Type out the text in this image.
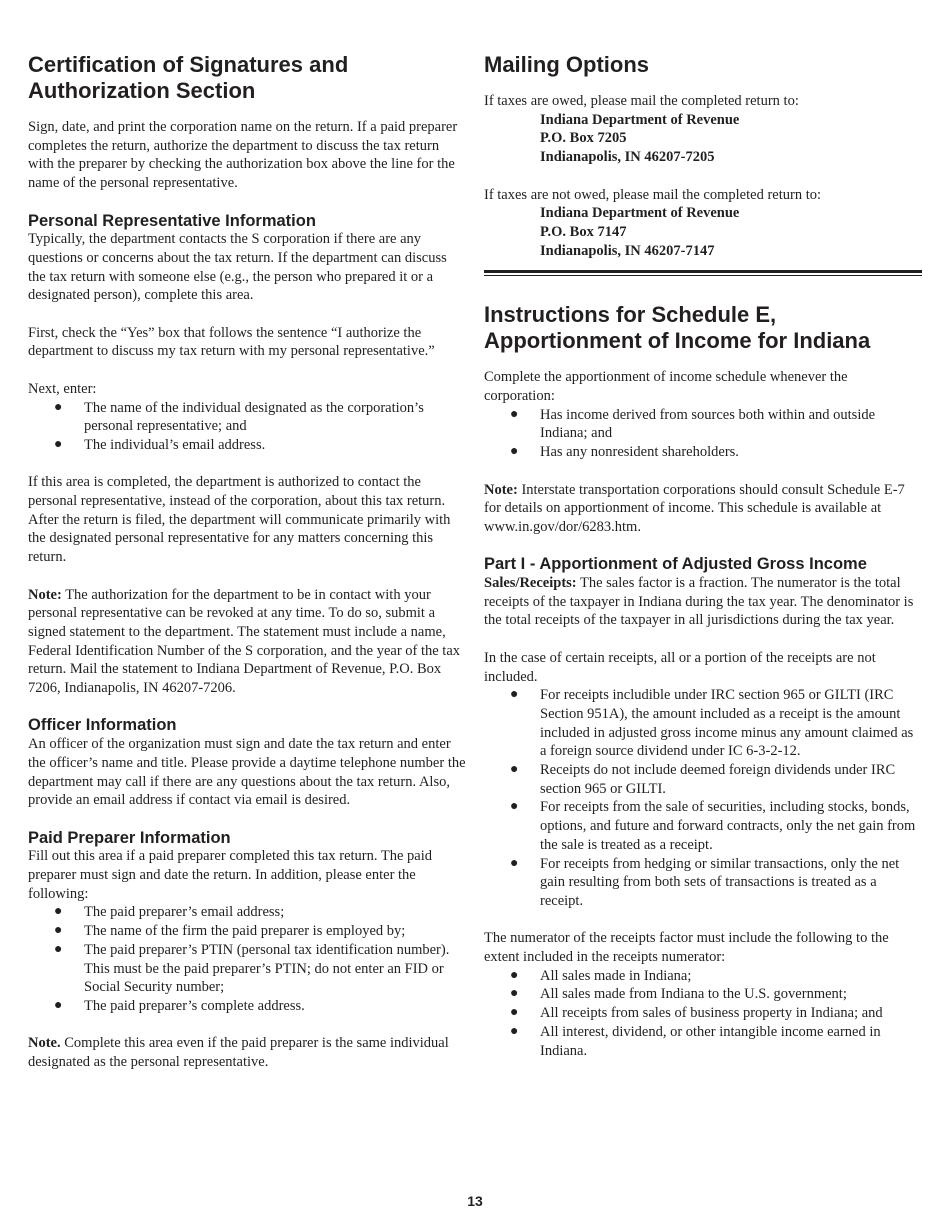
Certification of Signatures and Authorization Section

Sign, date, and print the corporation name on the return. If a paid preparer completes the return, authorize the department to discuss the tax return with the preparer by checking the authorization box above the line for the name of the personal representative.

Personal Representative Information

Typically, the department contacts the S corporation if there are any questions or concerns about the tax return. If the department can discuss the tax return with someone else (e.g., the person who prepared it or a designated person), complete this area.

First, check the “Yes” box that follows the sentence “I authorize the department to discuss my tax return with my personal representative.”

Next, enter:

● The name of the individual designated as the corporation’s personal representative; and
● The individual’s email address.

If this area is completed, the department is authorized to contact the personal representative, instead of the corporation, about this tax return. After the return is filed, the department will communicate primarily with the designated personal representative for any matters concerning this return.

Note: The authorization for the department to be in contact with your personal representative can be revoked at any time. To do so, submit a signed statement to the department. The statement must include a name, Federal Identification Number of the S corporation, and the year of the tax return. Mail the statement to Indiana Department of Revenue, P.O. Box 7206, Indianapolis, IN 46207-7206.

Officer Information

An officer of the organization must sign and date the tax return and enter the officer’s name and title. Please provide a daytime telephone number the department may call if there are any questions about the tax return. Also, provide an email address if contact via email is desired.

Paid Preparer Information

Fill out this area if a paid preparer completed this tax return. The paid preparer must sign and date the return. In addition, please enter the following:

● The paid preparer’s email address;
● The name of the firm the paid preparer is employed by;
● The paid preparer’s PTIN (personal tax identification number). This must be the paid preparer’s PTIN; do not enter an FID or Social Security number;
● The paid preparer’s complete address.

Note. Complete this area even if the paid preparer is the same individual designated as the personal representative.

Mailing Options

If taxes are owed, please mail the completed return to:

Indiana Department of Revenue
P.O. Box 7205
Indianapolis, IN 46207-7205

If taxes are not owed, please mail the completed return to:

Indiana Department of Revenue
P.O. Box 7147
Indianapolis, IN 46207-7147
Instructions for Schedule E, Apportionment of Income for Indiana

Complete the apportionment of income schedule whenever the corporation:

● Has income derived from sources both within and outside Indiana; and
● Has any nonresident shareholders.

Note: Interstate transportation corporations should consult Schedule E-7 for details on apportionment of income. This schedule is available at www.in.gov/dor/6283.htm.

Part I - Apportionment of Adjusted Gross Income

Sales/Receipts: The sales factor is a fraction. The numerator is the total receipts of the taxpayer in Indiana during the tax year. The denominator is the total receipts of the taxpayer in all jurisdictions during the tax year.

In the case of certain receipts, all or a portion of the receipts are not included.

● For receipts includible under IRC section 965 or GILTI (IRC Section 951A), the amount included as a receipt is the amount included in adjusted gross income minus any amount claimed as a foreign source dividend under IC 6-3-2-12.
● Receipts do not include deemed foreign dividends under IRC section 965 or GILTI.
● For receipts from the sale of securities, including stocks, bonds, options, and future and forward contracts, only the net gain from the sale is treated as a receipt.
● For receipts from hedging or similar transactions, only the net gain resulting from both sets of transactions is treated as a receipt.

The numerator of the receipts factor must include the following to the extent included in the receipts numerator:

● All sales made in Indiana;
● All sales made from Indiana to the U.S. government;
● All receipts from sales of business property in Indiana; and
● All interest, dividend, or other intangible income earned in Indiana.
13
